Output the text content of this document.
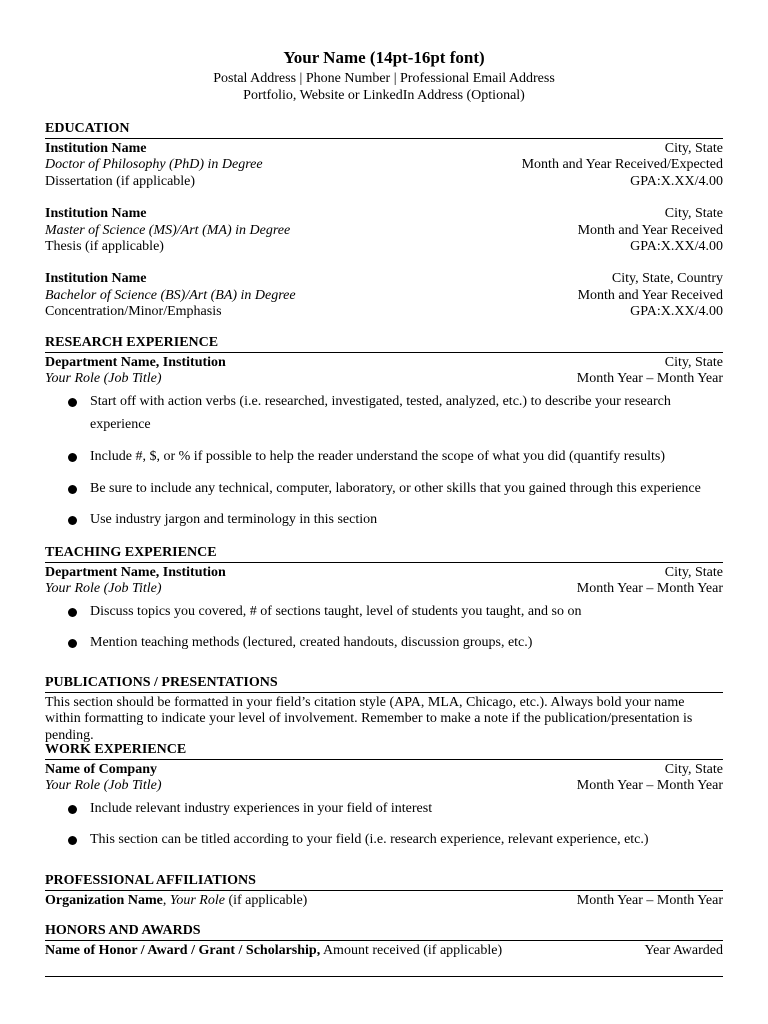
Your Name (14pt-16pt font)
Postal Address | Phone Number | Professional Email Address
Portfolio, Website or LinkedIn Address (Optional)
EDUCATION
Institution Name	City, State
Doctor of Philosophy (PhD) in Degree	Month and Year Received/Expected
Dissertation (if applicable)	GPA:X.XX/4.00
Institution Name	City, State
Master of Science (MS)/Art (MA) in Degree	Month and Year Received
Thesis (if applicable)	GPA:X.XX/4.00
Institution Name	City, State, Country
Bachelor of Science (BS)/Art (BA) in Degree	Month and Year Received
Concentration/Minor/Emphasis	GPA:X.XX/4.00
RESEARCH EXPERIENCE
Department Name, Institution	City, State
Your Role (Job Title)	Month Year – Month Year
Start off with action verbs (i.e. researched, investigated, tested, analyzed, etc.) to describe your research experience
Include #, $, or % if possible to help the reader understand the scope of what you did (quantify results)
Be sure to include any technical, computer, laboratory, or other skills that you gained through this experience
Use industry jargon and terminology in this section
TEACHING EXPERIENCE
Department Name, Institution	City, State
Your Role (Job Title)	Month Year – Month Year
Discuss topics you covered, # of sections taught, level of students you taught, and so on
Mention teaching methods (lectured, created handouts, discussion groups, etc.)
PUBLICATIONS / PRESENTATIONS
This section should be formatted in your field’s citation style (APA, MLA, Chicago, etc.). Always bold your name within formatting to indicate your level of involvement. Remember to make a note if the publication/presentation is pending.
WORK EXPERIENCE
Name of Company	City, State
Your Role (Job Title)	Month Year – Month Year
Include relevant industry experiences in your field of interest
This section can be titled according to your field (i.e. research experience, relevant experience, etc.)
PROFESSIONAL AFFILIATIONS
Organization Name, Your Role (if applicable)	Month Year – Month Year
HONORS AND AWARDS
Name of Honor / Award / Grant / Scholarship, Amount received (if applicable)	Year Awarded
